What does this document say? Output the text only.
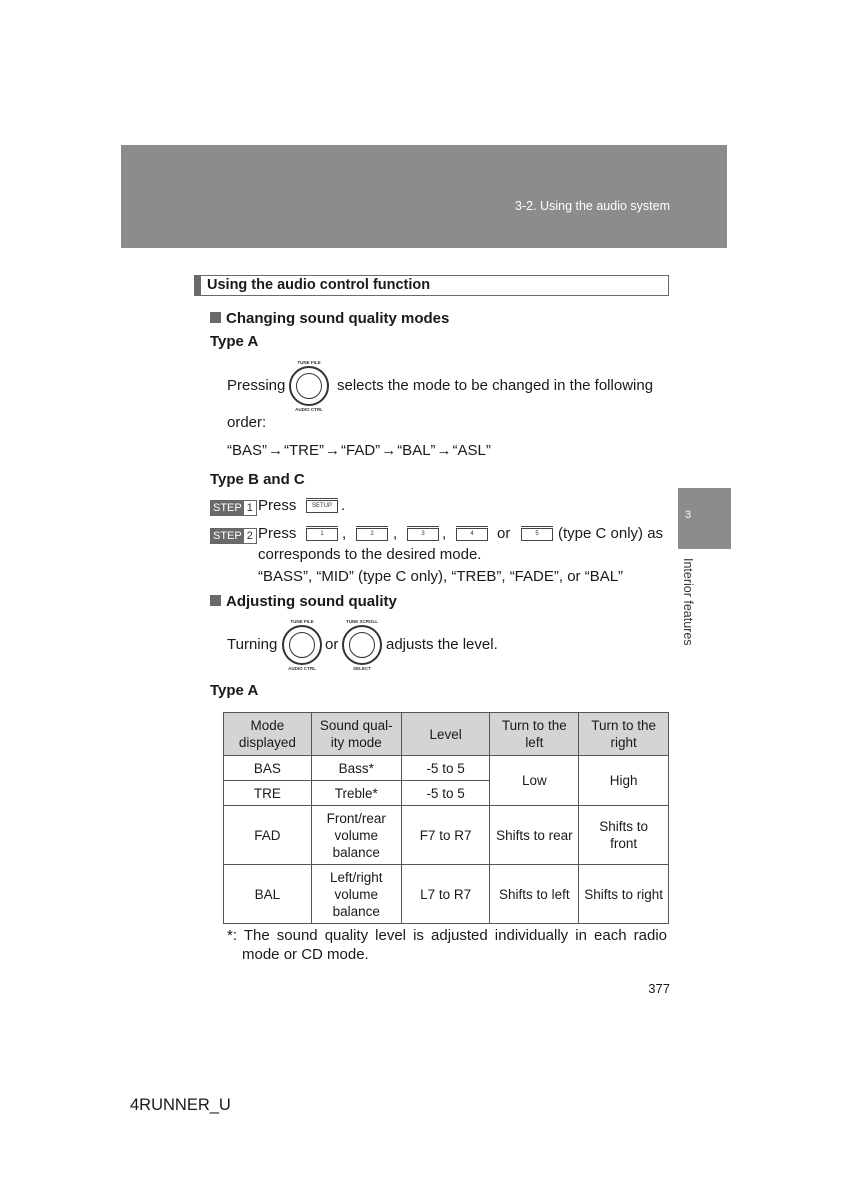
3-2. Using the audio system
3
Interior features
Using the audio control function
Changing sound quality modes
Type A
Pressing
TUNE FILE
AUDIO CTRL
selects the mode to be changed in the following
order:
“BAS”→“TRE”→“FAD”→“BAL”→“ASL”
Type B and C
STEP 1 Press	SETUP .
STEP 2 Press	1	,	2	,	3	,	4	or	5	(type C only) as
corresponds to the desired mode.
“BASS”, “MID” (type C only), “TREB”, “FADE”, or “BAL”
Adjusting sound quality
Turning
TUNE FILE
AUDIO CTRL
or
TUNE SCROLL
SELECT
adjusts the level.
Type A
Mode
displayed	Sound qual-
ity mode	Level	Turn to the
left	Turn to the
right
BAS	Bass*	-5 to 5	Low	High
TRE	Treble*	-5 to 5		
FAD	Front/rear
volume
balance	F7 to R7	Shifts to rear	Shifts to
front
BAL	Left/right
volume
balance	L7 to R7	Shifts to left	Shifts to right
*: The sound quality level is adjusted individually in each radio
mode or CD mode.
377
4RUNNER_U
